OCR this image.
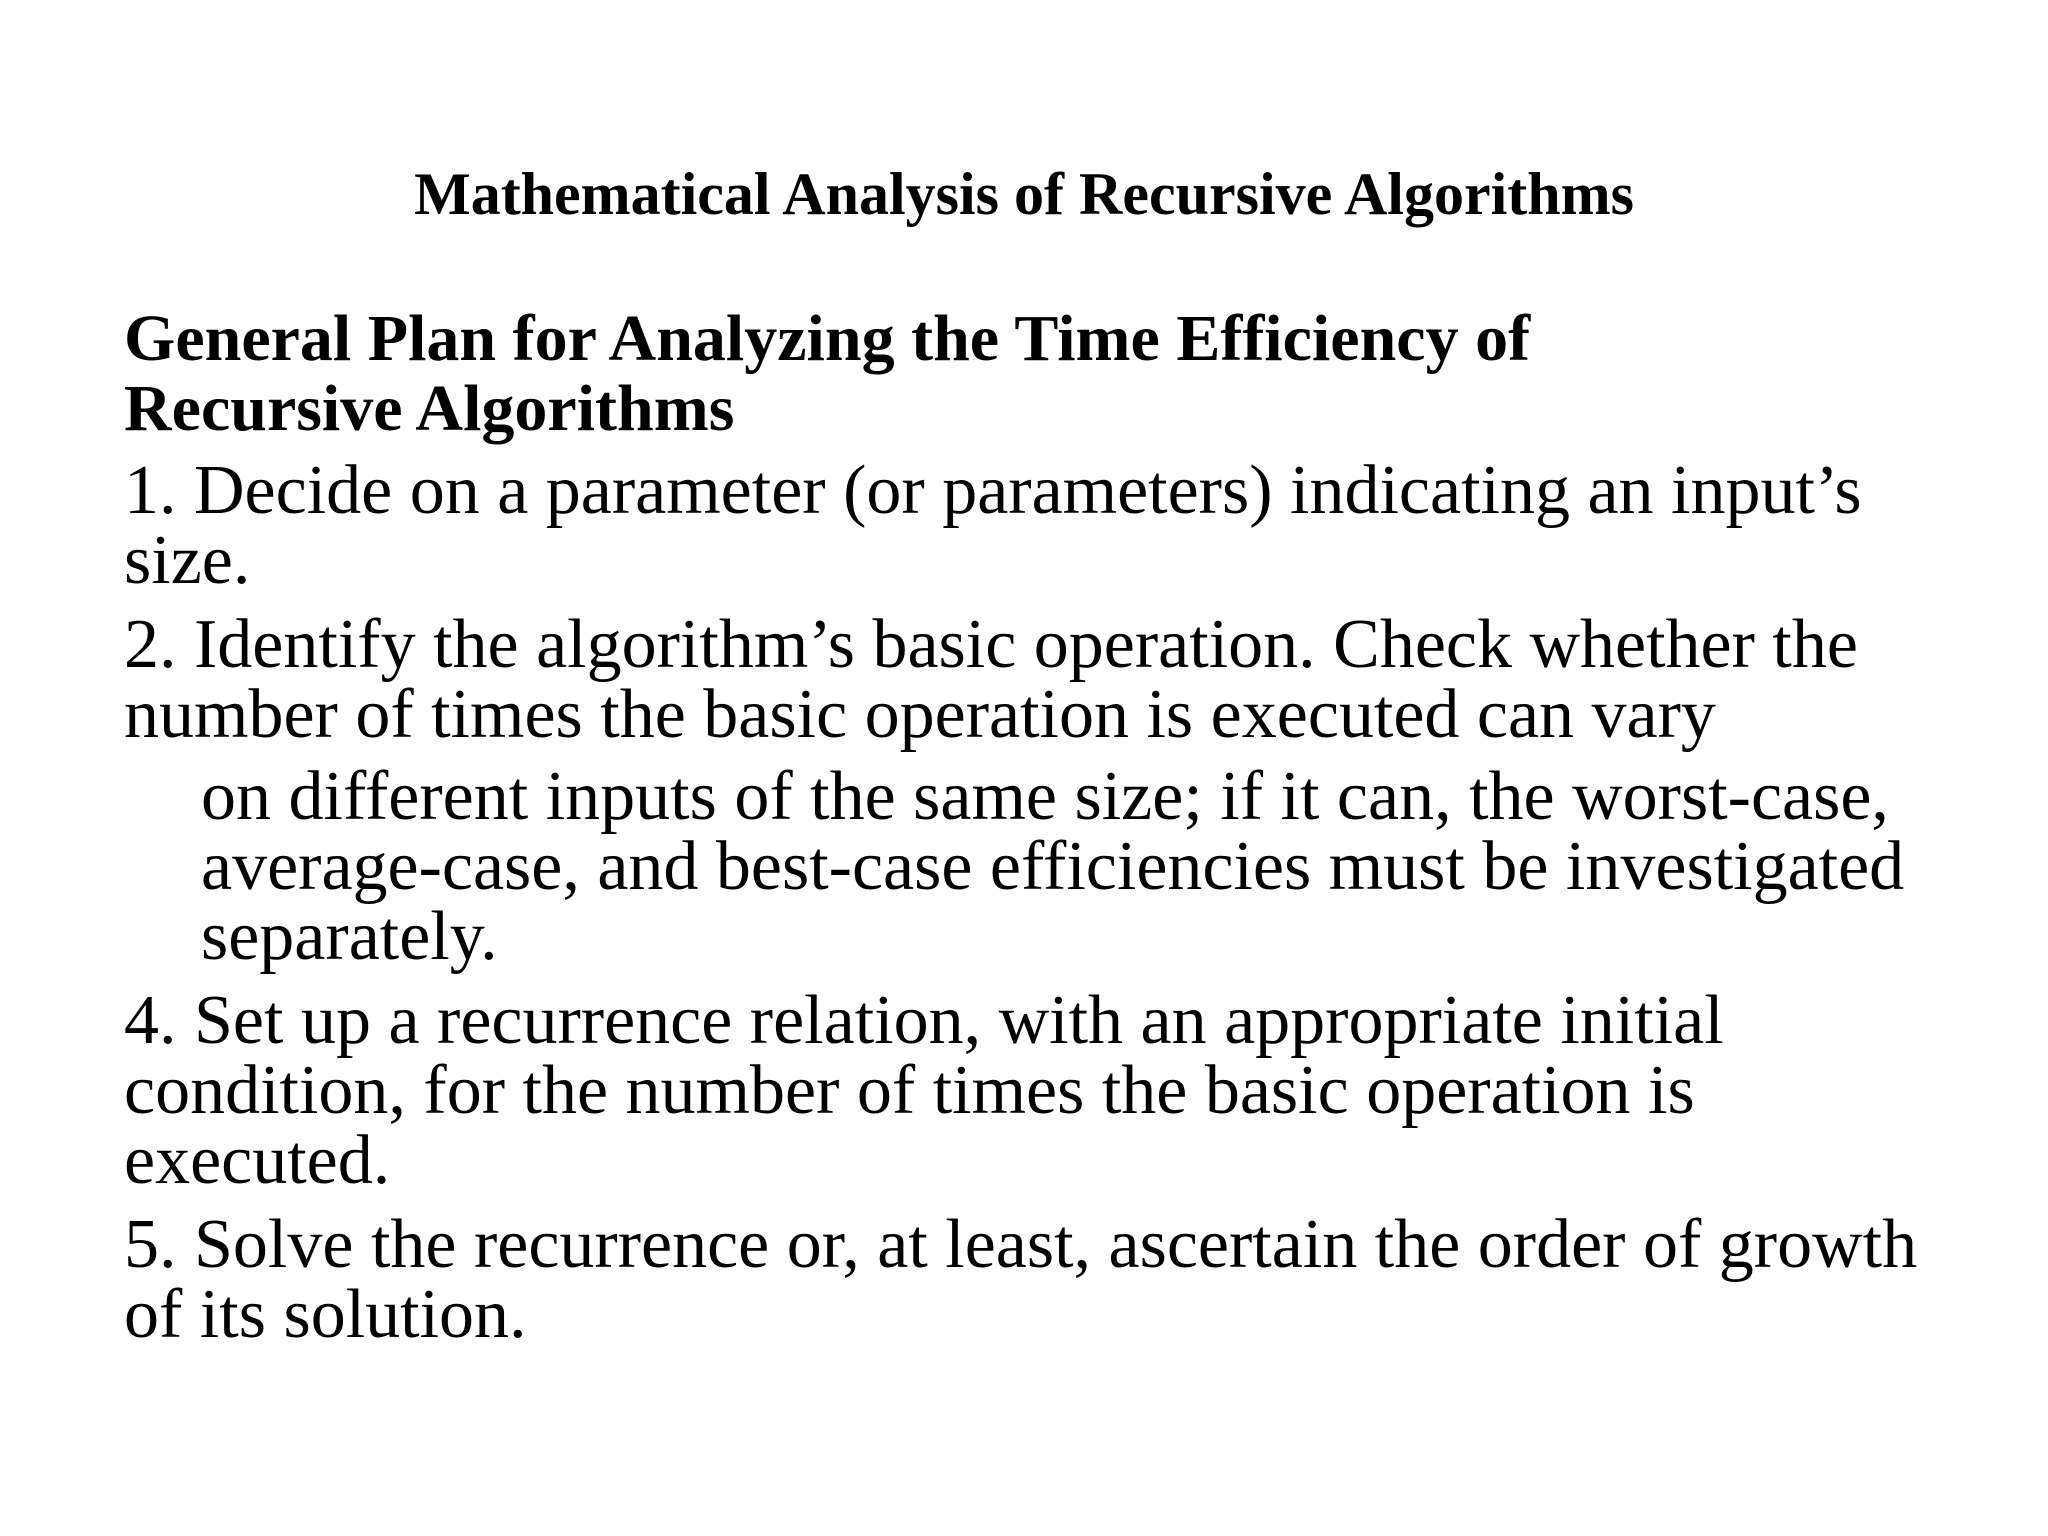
Mathematical Analysis of Recursive Algorithms
General Plan for Analyzing the Time Efficiency of
Recursive Algorithms
1. Decide on a parameter (or parameters) indicating an input’s
size.
2. Identify the algorithm’s basic operation. Check whether the
number of times the basic operation is executed can vary
on different inputs of the same size; if it can, the worst-case,
average-case, and best-case efficiencies must be investigated
separately.
4. Set up a recurrence relation, with an appropriate initial
condition, for the number of times the basic operation is
executed.
5. Solve the recurrence or, at least, ascertain the order of growth
of its solution.
